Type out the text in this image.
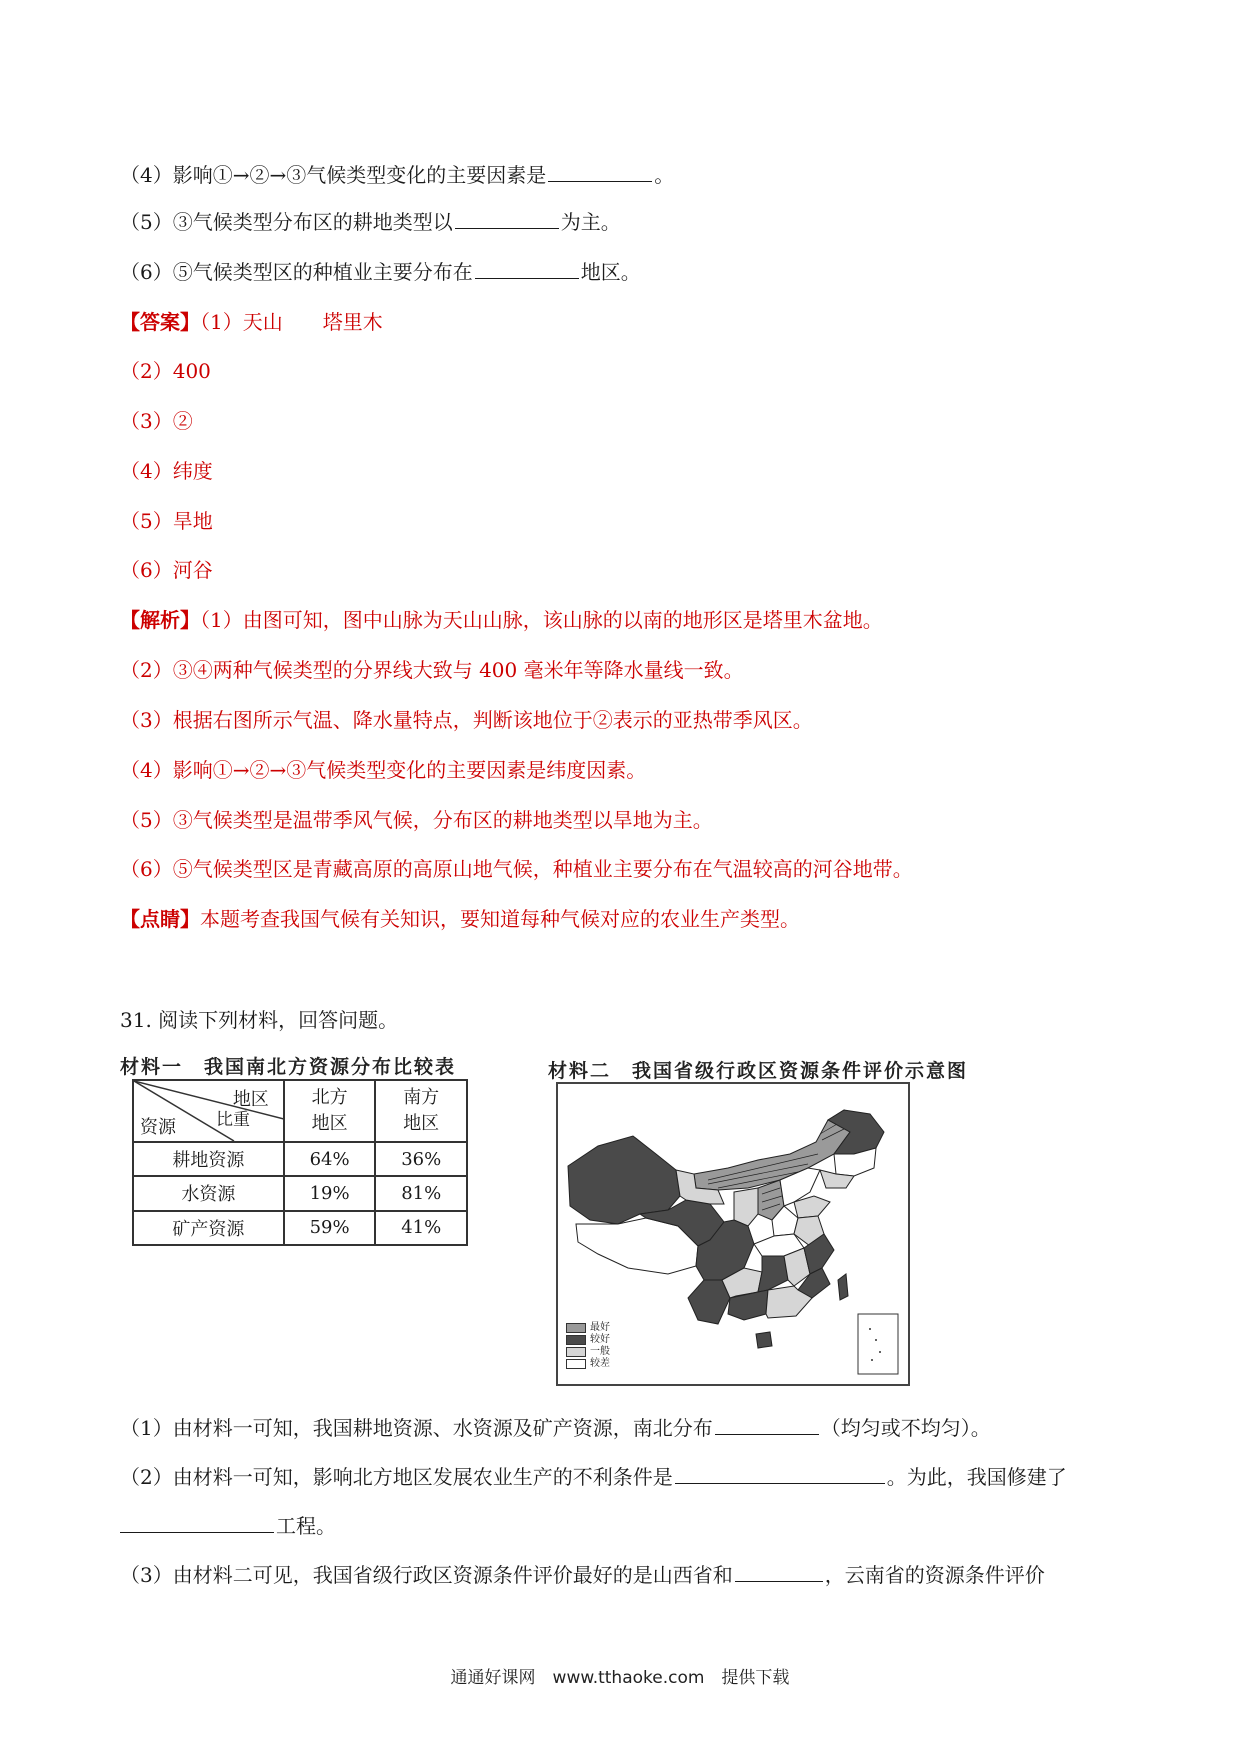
（4）影响①→②→③气候类型变化的主要因素是	。
（5）③气候类型分布区的耕地类型以	为主。
（6）⑤气候类型区的种植业主要分布在	地区。
【答案】（1）天山　　塔里木
（2）400
（3）②
（4）纬度
（5）旱地
（6）河谷
【解析】（1）由图可知，图中山脉为天山山脉，该山脉的以南的地形区是塔里木盆地。
（2）③④两种气候类型的分界线大致与 400 毫米年等降水量线一致。
（3）根据右图所示气温、降水量特点，判断该地位于②表示的亚热带季风区。
（4）影响①→②→③气候类型变化的主要因素是纬度因素。
（5）③气候类型是温带季风气候，分布区的耕地类型以旱地为主。
（6）⑤气候类型区是青藏高原的高原山地气候，种植业主要分布在气温较高的河谷地带。
【点睛】本题考查我国气候有关知识，要知道每种气候对应的农业生产类型。
31. 阅读下列材料，回答问题。
材料一　我国南北方资源分布比较表
地区
比重
资源	北方地区	南方地区
耕地资源	64%	36%
水资源	19%	81%
矿产资源	59%	41%
材料二　我国省级行政区资源条件评价示意图
最好
较好
一般
较差
（1）由材料一可知，我国耕地资源、水资源及矿产资源，南北分布	（均匀或不均匀）。
（2）由材料一可知，影响北方地区发展农业生产的不利条件是	。为此，我国修建了
工程。
（3）由材料二可见，我国省级行政区资源条件评价最好的是山西省和	，云南省的资源条件评价
通通好课网　www.tthaoke.com　提供下载
